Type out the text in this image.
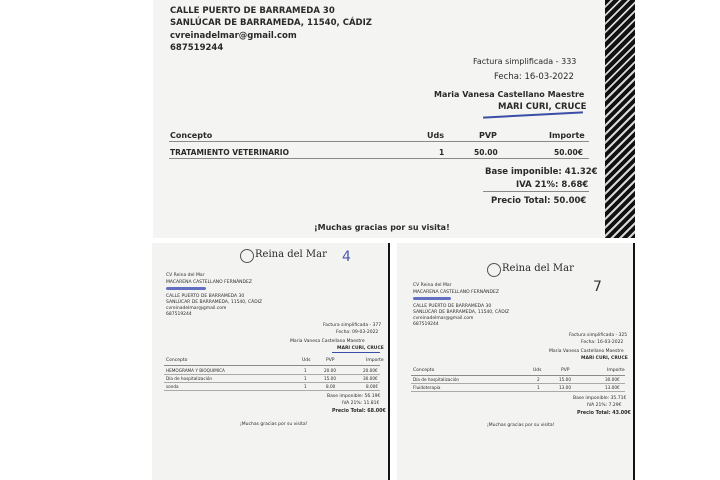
CALLE PUERTO DE BARRAMEDA 30
SANLÚCAR DE BARRAMEDA, 11540, CÁDIZ
cvreinadelmar@gmail.com
687519244
Factura simplificada - 333
Fecha: 16-03-2022
Maria Vanesa Castellano Maestre
MARI CURI, CRUCE
Concepto	Uds	PVP	Importe
TRATAMIENTO VETERINARIO	1	50.00	50.00€
Base imponible: 41.32€
IVA 21%: 8.68€
Precio Total: 50.00€
¡Muchas gracias por su visita!
Reina del Mar 4
CV Reina del Mar
MACARENA CASTELLANO FERNÁNDEZ
CALLE PUERTO DE BARRAMEDA 30
SANLÚCAR DE BARRAMEDA, 11540, CÁDIZ
cvreinadelmar@gmail.com
687519244
Factura simplificada - 377
Fecha: 09-03-2022
Maria Vanesa Castellano Maestre
MARI CURI, CRUCE
Concepto	Uds	PVP	Importe
HEMOGRAMA Y BIOQUIMICA	1	20.00	20.00€
Día de hospitalización	1	15.00	30.00€
sonda	1	8.00	8.00€
Base imponible: 56.19€
IVA 21%: 11.81€
Precio Total: 68.00€
¡Muchas gracias por su visita!
Reina del Mar
7
CV Reina del Mar
MACARENA CASTELLANO FERNÁNDEZ
CALLE PUERTO DE BARRAMEDA 30
SANLÚCAR DE BARRAMEDA, 11540, CÁDIZ
cvreinadelmar@gmail.com
687519244
Factura simplificada - 325
Fecha: 16-03-2022
Maria Vanesa Castellano Maestre
MARI CURI, CRUCE
Concepto	Uds	PVP	Importe
Día de hospitalización	2	15.00	30.00€
Fluidoterapia	1	13.00	13.00€
Base imponible: 35.71€
IVA 21%: 7.29€
Precio Total: 43.00€
¡Muchas gracias por su visita!
